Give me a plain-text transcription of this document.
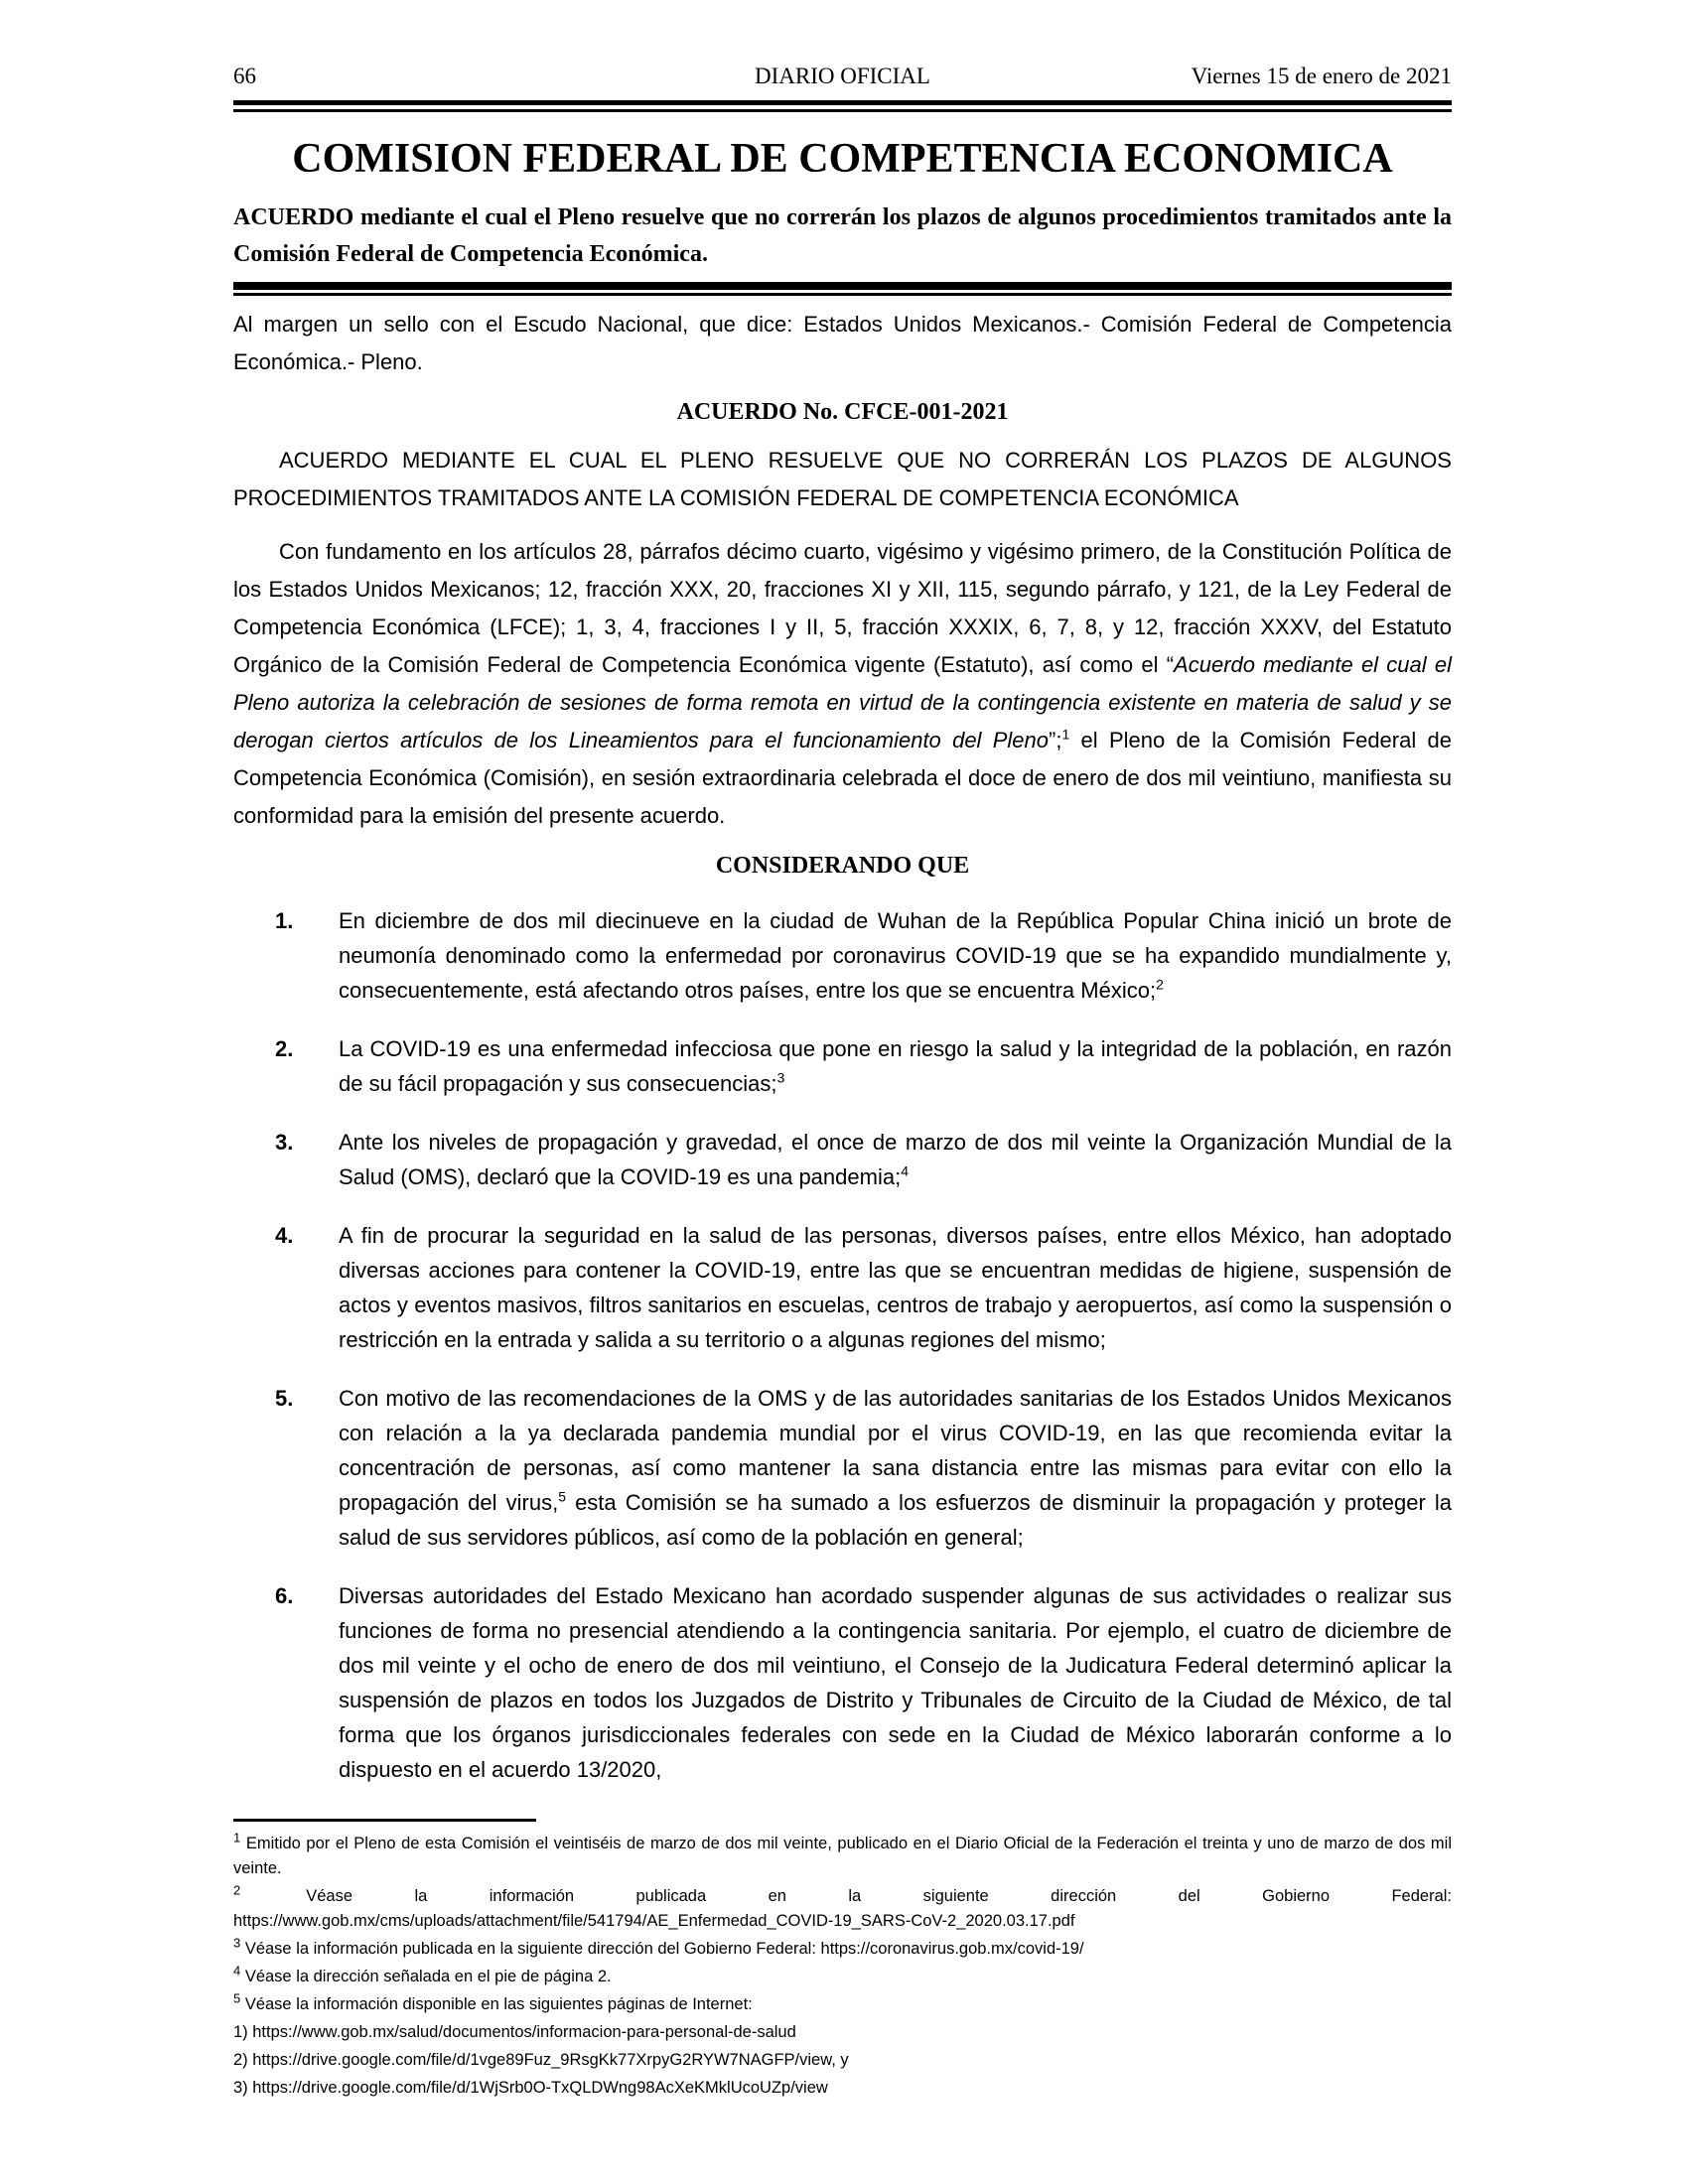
66	DIARIO OFICIAL	Viernes 15 de enero de 2021
COMISION FEDERAL DE COMPETENCIA ECONOMICA

ACUERDO mediante el cual el Pleno resuelve que no correrán los plazos de algunos procedimientos tramitados ante la Comisión Federal de Competencia Económica.

Al margen un sello con el Escudo Nacional, que dice: Estados Unidos Mexicanos.- Comisión Federal de Competencia Económica.- Pleno.

ACUERDO No. CFCE-001-2021

ACUERDO MEDIANTE EL CUAL EL PLENO RESUELVE QUE NO CORRERÁN LOS PLAZOS DE ALGUNOS PROCEDIMIENTOS TRAMITADOS ANTE LA COMISIÓN FEDERAL DE COMPETENCIA ECONÓMICA

Con fundamento en los artículos 28, párrafos décimo cuarto, vigésimo y vigésimo primero, de la Constitución Política de los Estados Unidos Mexicanos; 12, fracción XXX, 20, fracciones XI y XII, 115, segundo párrafo, y 121, de la Ley Federal de Competencia Económica (LFCE); 1, 3, 4, fracciones I y II, 5, fracción XXXIX, 6, 7, 8, y 12, fracción XXXV, del Estatuto Orgánico de la Comisión Federal de Competencia Económica vigente (Estatuto), así como el “Acuerdo mediante el cual el Pleno autoriza la celebración de sesiones de forma remota en virtud de la contingencia existente en materia de salud y se derogan ciertos artículos de los Lineamientos para el funcionamiento del Pleno”;$^1$ el Pleno de la Comisión Federal de Competencia Económica (Comisión), en sesión extraordinaria celebrada el doce de enero de dos mil veintiuno, manifiesta su conformidad para la emisión del presente acuerdo.

CONSIDERANDO QUE
1. En diciembre de dos mil diecinueve en la ciudad de Wuhan de la República Popular China inició un brote de neumonía denominado como la enfermedad por coronavirus COVID-19 que se ha expandido mundialmente y, consecuentemente, está afectando otros países, entre los que se encuentra México;$^2$
2. La COVID-19 es una enfermedad infecciosa que pone en riesgo la salud y la integridad de la población, en razón de su fácil propagación y sus consecuencias;$^3$
3. Ante los niveles de propagación y gravedad, el once de marzo de dos mil veinte la Organización Mundial de la Salud (OMS), declaró que la COVID-19 es una pandemia;$^4$
4. A fin de procurar la seguridad en la salud de las personas, diversos países, entre ellos México, han adoptado diversas acciones para contener la COVID-19, entre las que se encuentran medidas de higiene, suspensión de actos y eventos masivos, filtros sanitarios en escuelas, centros de trabajo y aeropuertos, así como la suspensión o restricción en la entrada y salida a su territorio o a algunas regiones del mismo;
5. Con motivo de las recomendaciones de la OMS y de las autoridades sanitarias de los Estados Unidos Mexicanos con relación a la ya declarada pandemia mundial por el virus COVID-19, en las que recomienda evitar la concentración de personas, así como mantener la sana distancia entre las mismas para evitar con ello la propagación del virus,$^5$ esta Comisión se ha sumado a los esfuerzos de disminuir la propagación y proteger la salud de sus servidores públicos, así como de la población en general;
6. Diversas autoridades del Estado Mexicano han acordado suspender algunas de sus actividades o realizar sus funciones de forma no presencial atendiendo a la contingencia sanitaria. Por ejemplo, el cuatro de diciembre de dos mil veinte y el ocho de enero de dos mil veintiuno, el Consejo de la Judicatura Federal determinó aplicar la suspensión de plazos en todos los Juzgados de Distrito y Tribunales de Circuito de la Ciudad de México, de tal forma que los órganos jurisdiccionales federales con sede en la Ciudad de México laborarán conforme a lo dispuesto en el acuerdo 13/2020,

$^1$ Emitido por el Pleno de esta Comisión el veintiséis de marzo de dos mil veinte, publicado en el Diario Oficial de la Federación el treinta y uno de marzo de dos mil veinte.

$^2$	Véase la información publicada en la siguiente dirección del Gobierno Federal: https://www.gob.mx/cms/uploads/attachment/file/541794/AE_Enfermedad_COVID-19_SARS-CoV-2_2020.03.17.pdf

$^3$ Véase la información publicada en la siguiente dirección del Gobierno Federal: https://coronavirus.gob.mx/covid-19/

$^4$ Véase la dirección señalada en el pie de página 2.

$^5$ Véase la información disponible en las siguientes páginas de Internet:

1) https://www.gob.mx/salud/documentos/informacion-para-personal-de-salud
2) https://drive.google.com/file/d/1vge89Fuz_9RsgKk77XrpyG2RYW7NAGFP/view, y
3) https://drive.google.com/file/d/1WjSrb0O-TxQLDWng98AcXeKMklUcoUZp/view
